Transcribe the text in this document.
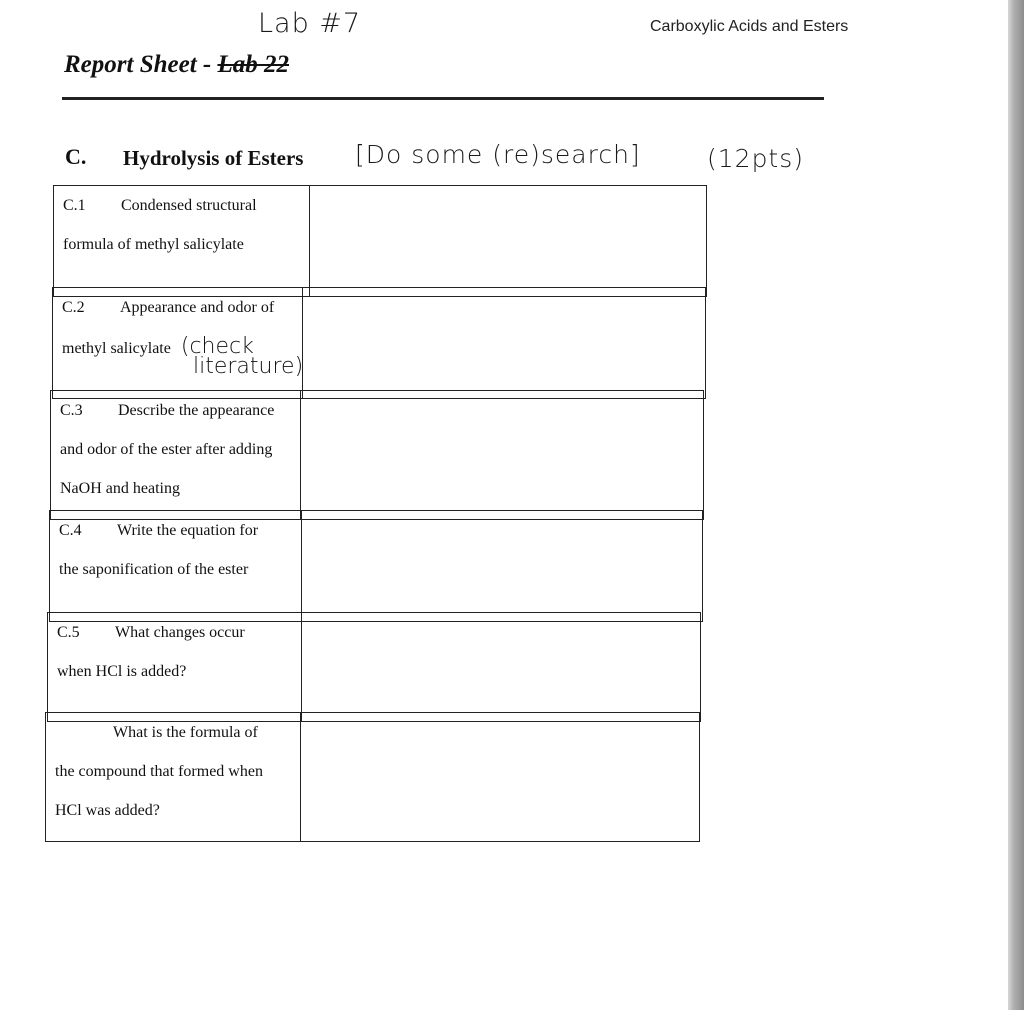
Lab #7	Carboxylic Acids and Esters
Report Sheet - Lab 22
C. Hydrolysis of Esters [Do some (re)search]	(12pts)
C.1 Condensed structural
formula of methyl salicylate
C.2 Appearance and odor of
methyl salicylate (check
literature)
C.3 Describe the appearance
and odor of the ester after adding
NaOH and heating
C.4 Write the equation for
the saponification of the ester
C.5 What changes occur
when HCl is added?
What is the formula of
the compound that formed when
HCl was added?
